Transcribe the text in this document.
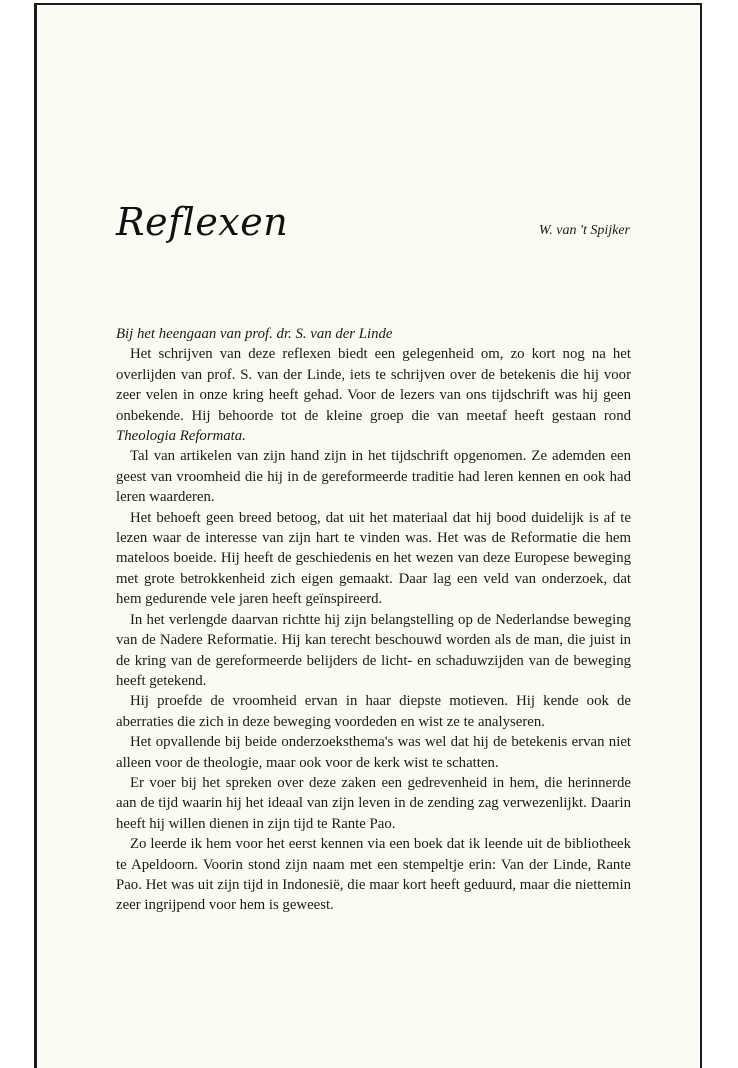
Reflexen	W. van 't Spijker

Bij het heengaan van prof. dr. S. van der Linde

Het schrijven van deze reflexen biedt een gelegenheid om, zo kort nog na het overlijden van prof. S. van der Linde, iets te schrijven over de betekenis die hij voor zeer velen in onze kring heeft gehad. Voor de lezers van ons tijdschrift was hij geen onbekende. Hij behoorde tot de kleine groep die van meetaf heeft gestaan rond Theologia Reformata.

Tal van artikelen van zijn hand zijn in het tijdschrift opgenomen. Ze ademden een geest van vroomheid die hij in de gereformeerde traditie had leren kennen en ook had leren waarderen.

Het behoeft geen breed betoog, dat uit het materiaal dat hij bood duidelijk is af te lezen waar de interesse van zijn hart te vinden was. Het was de Reformatie die hem mateloos boeide. Hij heeft de geschiedenis en het wezen van deze Europese beweging met grote betrokkenheid zich eigen gemaakt. Daar lag een veld van onderzoek, dat hem gedurende vele jaren heeft geïnspireerd.

In het verlengde daarvan richtte hij zijn belangstelling op de Nederlandse beweging van de Nadere Reformatie. Hij kan terecht beschouwd worden als de man, die juist in de kring van de gereformeerde belijders de licht- en schaduwzijden van de beweging heeft getekend.

Hij proefde de vroomheid ervan in haar diepste motieven. Hij kende ook de aberraties die zich in deze beweging voordeden en wist ze te analyseren.

Het opvallende bij beide onderzoeksthema's was wel dat hij de betekenis ervan niet alleen voor de theologie, maar ook voor de kerk wist te schatten.

Er voer bij het spreken over deze zaken een gedrevenheid in hem, die herinnerde aan de tijd waarin hij het ideaal van zijn leven in de zending zag verwezenlijkt. Daarin heeft hij willen dienen in zijn tijd te Rante Pao.

Zo leerde ik hem voor het eerst kennen via een boek dat ik leende uit de bibliotheek te Apeldoorn. Voorin stond zijn naam met een stempeltje erin: Van der Linde, Rante Pao. Het was uit zijn tijd in Indonesië, die maar kort heeft geduurd, maar die niettemin zeer ingrijpend voor hem is geweest.
